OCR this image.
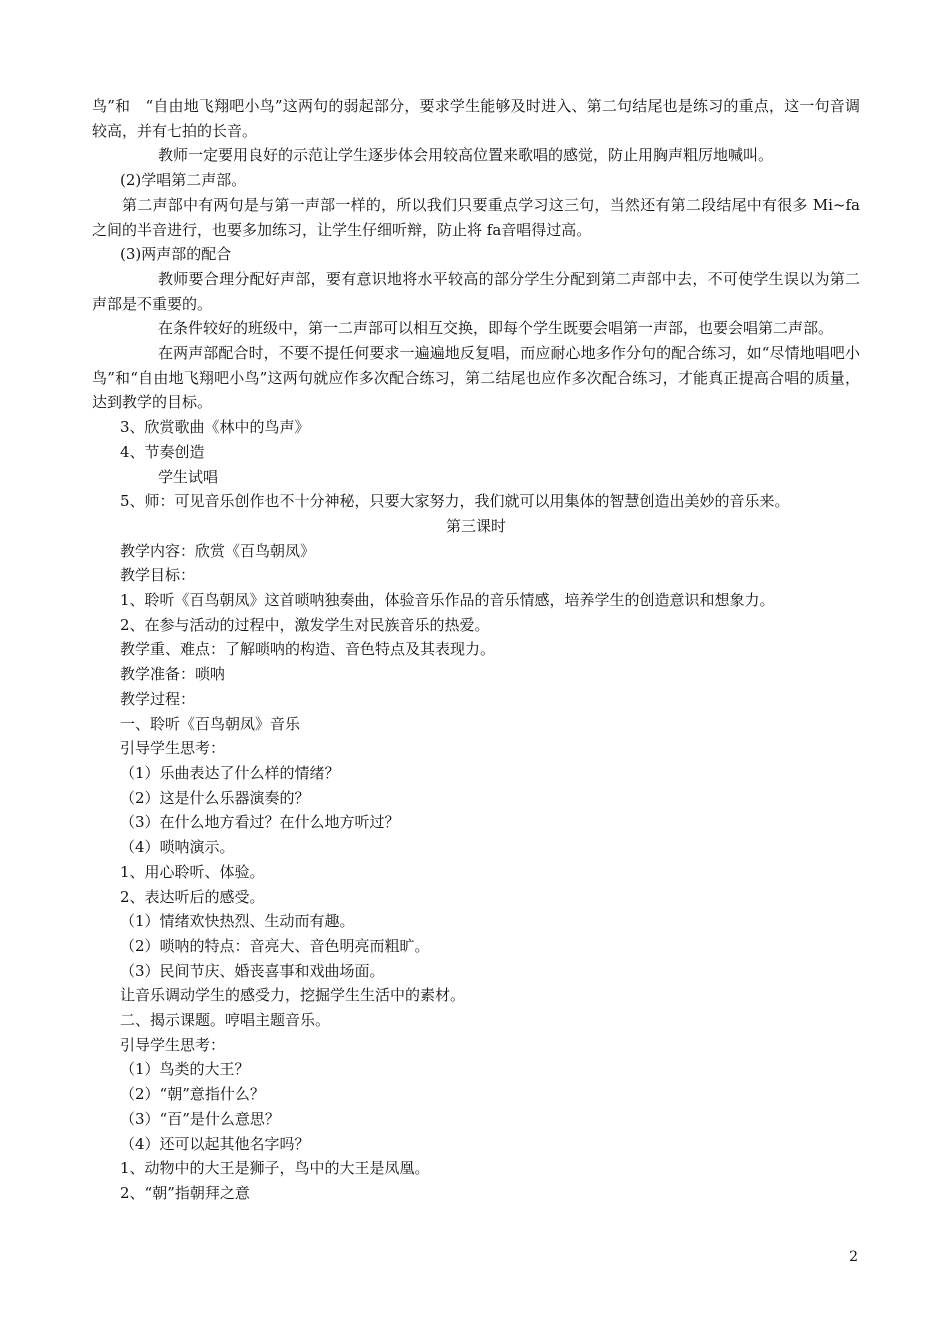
鸟”和　“自由地飞翔吧小鸟”这两句的弱起部分，要求学生能够及时进入、第二句结尾也是练习的重点，这一句音调较高，并有七拍的长音。

教师一定要用良好的示范让学生逐步体会用较高位置来歌唱的感觉，防止用胸声粗厉地喊叫。

(2)学唱第二声部。

第二声部中有两句是与第一声部一样的，所以我们只要重点学习这三句，当然还有第二段结尾中有很多 Mi~fa之间的半音进行，也要多加练习，让学生仔细听辩，防止将 fa音唱得过高。

(3)两声部的配合

教师要合理分配好声部，要有意识地将水平较高的部分学生分配到第二声部中去，不可使学生误以为第二声部是不重要的。

在条件较好的班级中，第一二声部可以相互交换，即每个学生既要会唱第一声部，也要会唱第二声部。

在两声部配合时，不要不提任何要求一遍遍地反复唱，而应耐心地多作分句的配合练习，如“尽情地唱吧小鸟”和“自由地飞翔吧小鸟”这两句就应作多次配合练习，第二结尾也应作多次配合练习，才能真正提高合唱的质量，达到教学的目标。

3、欣赏歌曲《林中的鸟声》

4、节奏创造

学生试唱

5、师：可见音乐创作也不十分神秘，只要大家努力，我们就可以用集体的智慧创造出美妙的音乐来。

第三课时

教学内容：欣赏《百鸟朝凤》

教学目标：

1、聆听《百鸟朝凤》这首唢呐独奏曲，体验音乐作品的音乐情感，培养学生的创造意识和想象力。

2、在参与活动的过程中，激发学生对民族音乐的热爱。

教学重、难点：了解唢呐的构造、音色特点及其表现力。

教学准备：唢呐

教学过程：

一、聆听《百鸟朝凤》音乐

引导学生思考：

（1）乐曲表达了什么样的情绪？

（2）这是什么乐器演奏的？

（3）在什么地方看过？在什么地方听过？

（4）唢呐演示。

1、用心聆听、体验。

2、表达听后的感受。

（1）情绪欢快热烈、生动而有趣。

（2）唢呐的特点：音亮大、音色明亮而粗旷。

（3）民间节庆、婚丧喜事和戏曲场面。

让音乐调动学生的感受力，挖掘学生生活中的素材。

二、揭示课题。哼唱主题音乐。

引导学生思考：

（1）鸟类的大王？

（2）“朝”意指什么？

（3）“百”是什么意思？

（4）还可以起其他名字吗？

1、动物中的大王是狮子，鸟中的大王是凤凰。

2、“朝”指朝拜之意

2
